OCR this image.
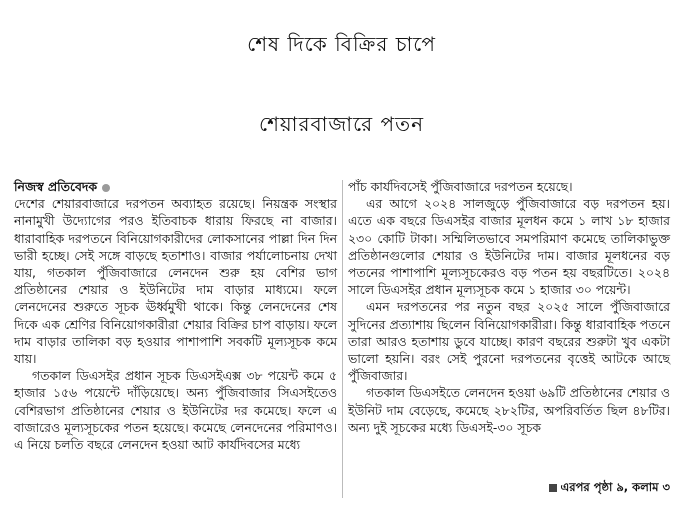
শেষ দিকে বিক্রির চাপে
শেয়ারবাজারে পতন

নিজস্ব প্রতিবেদক

দেশের শেয়ারবাজারে দরপতন অব্যাহত রয়েছে। নিয়ন্ত্রক সংস্থার নানামুখী উদ্যোগের পরও ইতিবাচক ধারায় ফিরছে না বাজার। ধারাবাহিক দরপতনে বিনিয়োগকারীদের লোকসানের পাল্লা দিন দিন ভারী হচ্ছে। সেই সঙ্গে বাড়ছে হতাশাও। বাজার পর্যালোচনায় দেখা যায়, গতকাল পুঁজিবাজারে লেনদেন শুরু হয় বেশির ভাগ প্রতিষ্ঠানের শেয়ার ও ইউনিটের দাম বাড়ার মাধ্যমে। ফলে লেনদেনের শুরুতে সূচক ঊর্ধ্বমুখী থাকে। কিন্তু লেনদেনের শেষ দিকে এক শ্রেণির বিনিয়োগকারীরা শেয়ার বিক্রির চাপ বাড়ায়। ফলে দাম বাড়ার তালিকা বড় হওয়ার পাশাপাশি সবকটি মূল্যসূচক কমে যায়।

গতকাল ডিএসইর প্রধান সূচক ডিএসইএক্স ৩৮ পয়েন্ট কমে ৫ হাজার ১৫৬ পয়েন্টে দাঁড়িয়েছে। অন্য পুঁজিবাজার সিএসইতেও বেশিরভাগ প্রতিষ্ঠানের শেয়ার ও ইউনিটের দর কমেছে। ফলে এ বাজারেও মূল্যসূচকের পতন হয়েছে। কমেছে লেনদেনের পরিমাণও। এ নিয়ে চলতি বছরে লেনদেন হওয়া আট কার্যদিবসের মধ্যে

পাঁচ কার্যদিবসেই পুঁজিবাজারে দরপতন হয়েছে।

এর আগে ২০২৪ সালজুড়ে পুঁজিবাজারে বড় দরপতন হয়। এতে এক বছরে ডিএসইর বাজার মূলধন কমে ১ লাখ ১৮ হাজার ২৩০ কোটি টাকা। সম্মিলিতভাবে সমপরিমাণ কমেছে তালিকাভুক্ত প্রতিষ্ঠানগুলোর শেয়ার ও ইউনিটের দাম। বাজার মূলধনের বড় পতনের পাশাপাশি মূল্যসূচকেরও বড় পতন হয় বছরটিতে। ২০২৪ সালে ডিএসইর প্রধান মূল্যসূচক কমে ১ হাজার ৩০ পয়েন্ট।

এমন দরপতনের পর নতুন বছর ২০২৫ সালে পুঁজিবাজারে সুদিনের প্রত্যাশায় ছিলেন বিনিয়োগকারীরা। কিন্তু ধারাবাহিক পতনে তারা আরও হতাশায় ডুবে যাচ্ছে। কারণ বছরের শুরুটা খুব একটা ভালো হয়নি। বরং সেই পুরনো দরপতনের বৃত্তেই আটকে আছে পুঁজিবাজার।

গতকাল ডিএসইতে লেনদেন হওয়া ৬৯টি প্রতিষ্ঠানের শেয়ার ও ইউনিট দাম বেড়েছে, কমেছে ২৮২টির, অপরিবর্তিত ছিল ৪৮টির। অন্য দুই সূচকের মধ্যে ডিএসই-৩০ সূচক

এরপর পৃষ্ঠা ৯, কলাম ৩
